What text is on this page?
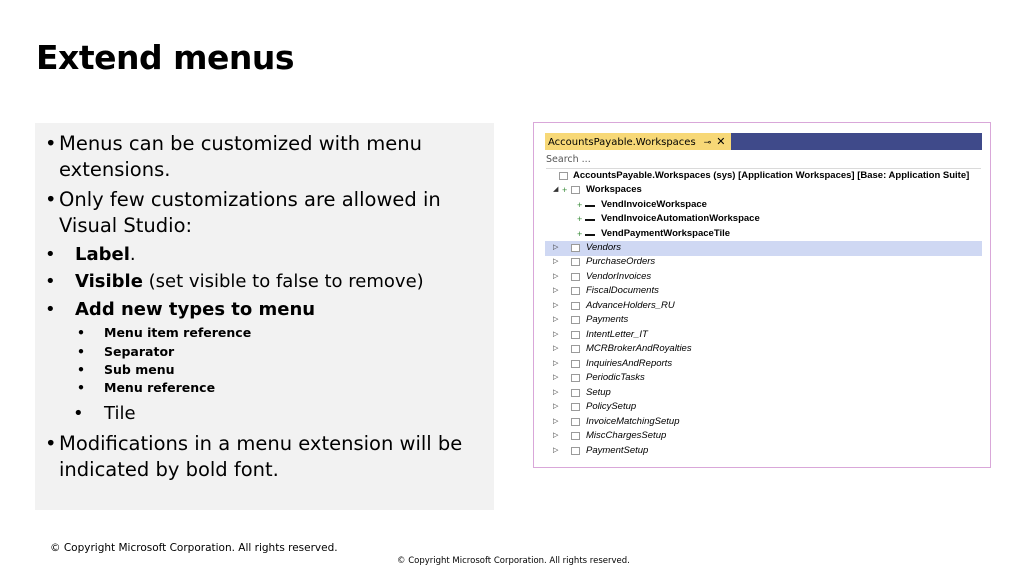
Extend menus
• Menus can be customized with menu
extensions.
• Only few customizations are allowed in
Visual Studio:
• Label.
• Visible (set visible to false to remove)
• Add new types to menu
• Menu item reference
• Separator
• Sub menu
• Menu reference
• Tile
• Modifications in a menu extension will be
indicated by bold font.
AccountsPayable.Workspaces ⊸ ✕
Search ...
AccountsPayable.Workspaces (sys) [Application Workspaces] [Base: Application Suite]
◢ + Workspaces
+ VendInvoiceWorkspace
+ VendInvoiceAutomationWorkspace
+ VendPaymentWorkspaceTile
▷	Vendors
▷	PurchaseOrders
▷	VendorInvoices
▷	FiscalDocuments
▷	AdvanceHolders_RU
▷	Payments
▷	IntentLetter_IT
▷	MCRBrokerAndRoyalties
▷	InquiriesAndReports
▷	PeriodicTasks
▷	Setup
▷	PolicySetup
▷	InvoiceMatchingSetup
▷	MiscChargesSetup
▷	PaymentSetup
© Copyright Microsoft Corporation. All rights reserved.
© Copyright Microsoft Corporation. All rights reserved.
